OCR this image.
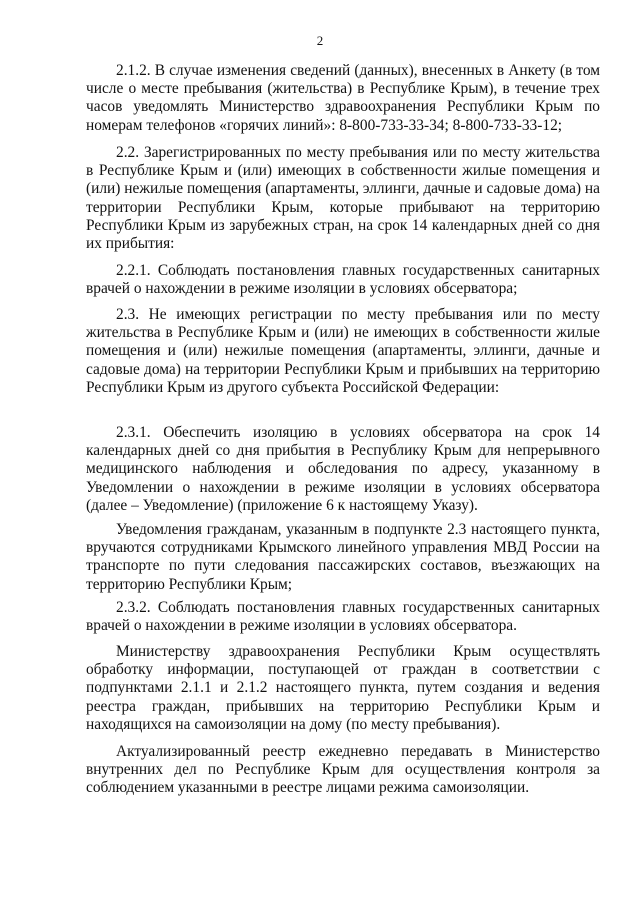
2

2.1.2. В случае изменения сведений (данных), внесенных в Анкету (в том числе о месте пребывания (жительства) в Республике Крым), в течение трех часов уведомлять Министерство здравоохранения Республики Крым по номерам телефонов «горячих линий»: 8-800-733-33-34; 8-800-733-33-12;

2.2. Зарегистрированных по месту пребывания или по месту жительства в Республике Крым и (или) имеющих в собственности жилые помещения и (или) нежилые помещения (апартаменты, эллинги, дачные и садовые дома) на территории Республики Крым, которые прибывают на территорию Республики Крым из зарубежных стран, на срок 14 календарных дней со дня их прибытия:

2.2.1. Соблюдать постановления главных государственных санитарных врачей о нахождении в режиме изоляции в условиях обсерватора;

2.3. Не имеющих регистрации по месту пребывания или по месту жительства в Республике Крым и (или) не имеющих в собственности жилые помещения и (или) нежилые помещения (апартаменты, эллинги, дачные и садовые дома) на территории Республики Крым и прибывших на территорию Республики Крым из другого субъекта Российской Федерации:

2.3.1. Обеспечить изоляцию в условиях обсерватора на срок 14 календарных дней со дня прибытия в Республику Крым для непрерывного медицинского наблюдения и обследования по адресу, указанному в Уведомлении о нахождении в режиме изоляции в условиях обсерватора (далее – Уведомление) (приложение 6 к настоящему Указу).

Уведомления гражданам, указанным в подпункте 2.3 настоящего пункта, вручаются сотрудниками Крымского линейного управления МВД России на транспорте по пути следования пассажирских составов, въезжающих на территорию Республики Крым;

2.3.2. Соблюдать постановления главных государственных санитарных врачей о нахождении в режиме изоляции в условиях обсерватора.

Министерству здравоохранения Республики Крым осуществлять обработку информации, поступающей от граждан в соответствии с подпунктами 2.1.1 и 2.1.2 настоящего пункта, путем создания и ведения реестра граждан, прибывших на территорию Республики Крым и находящихся на самоизоляции на дому (по месту пребывания).

Актуализированный реестр ежедневно передавать в Министерство внутренних дел по Республике Крым для осуществления контроля за соблюдением указанными в реестре лицами режима самоизоляции.
